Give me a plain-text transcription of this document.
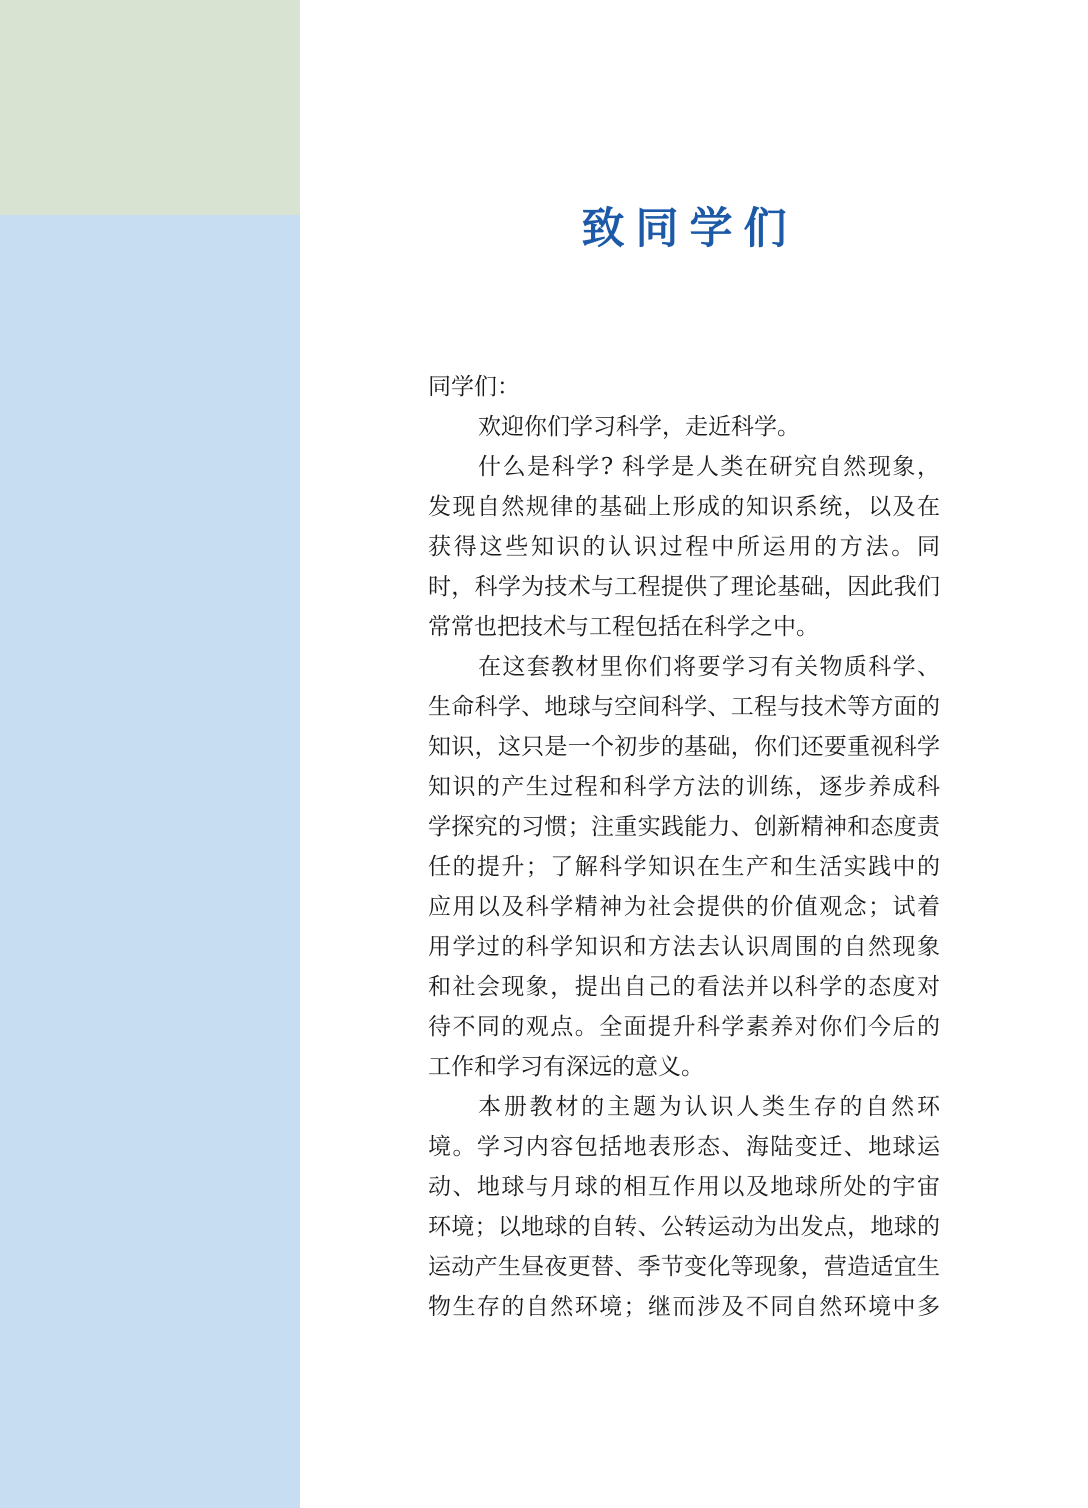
致同学们
同学们：
欢迎你们学习科学，走近科学。
什么是科学? 科学是人类在研究自然现象，
发现自然规律的基础上形成的知识系统，以及在
获得这些知识的认识过程中所运用的方法。同
时，科学为技术与工程提供了理论基础，因此我们
常常也把技术与工程包括在科学之中。
在这套教材里你们将要学习有关物质科学、
生命科学、地球与空间科学、工程与技术等方面的
知识，这只是一个初步的基础，你们还要重视科学
知识的产生过程和科学方法的训练，逐步养成科
学探究的习惯；注重实践能力、创新精神和态度责
任的提升；了解科学知识在生产和生活实践中的
应用以及科学精神为社会提供的价值观念；试着
用学过的科学知识和方法去认识周围的自然现象
和社会现象，提出自己的看法并以科学的态度对
待不同的观点。全面提升科学素养对你们今后的
工作和学习有深远的意义。
本册教材的主题为认识人类生存的自然环
境。学习内容包括地表形态、海陆变迁、地球运
动、地球与月球的相互作用以及地球所处的宇宙
环境；以地球的自转、公转运动为出发点，地球的
运动产生昼夜更替、季节变化等现象，营造适宜生
物生存的自然环境；继而涉及不同自然环境中多
